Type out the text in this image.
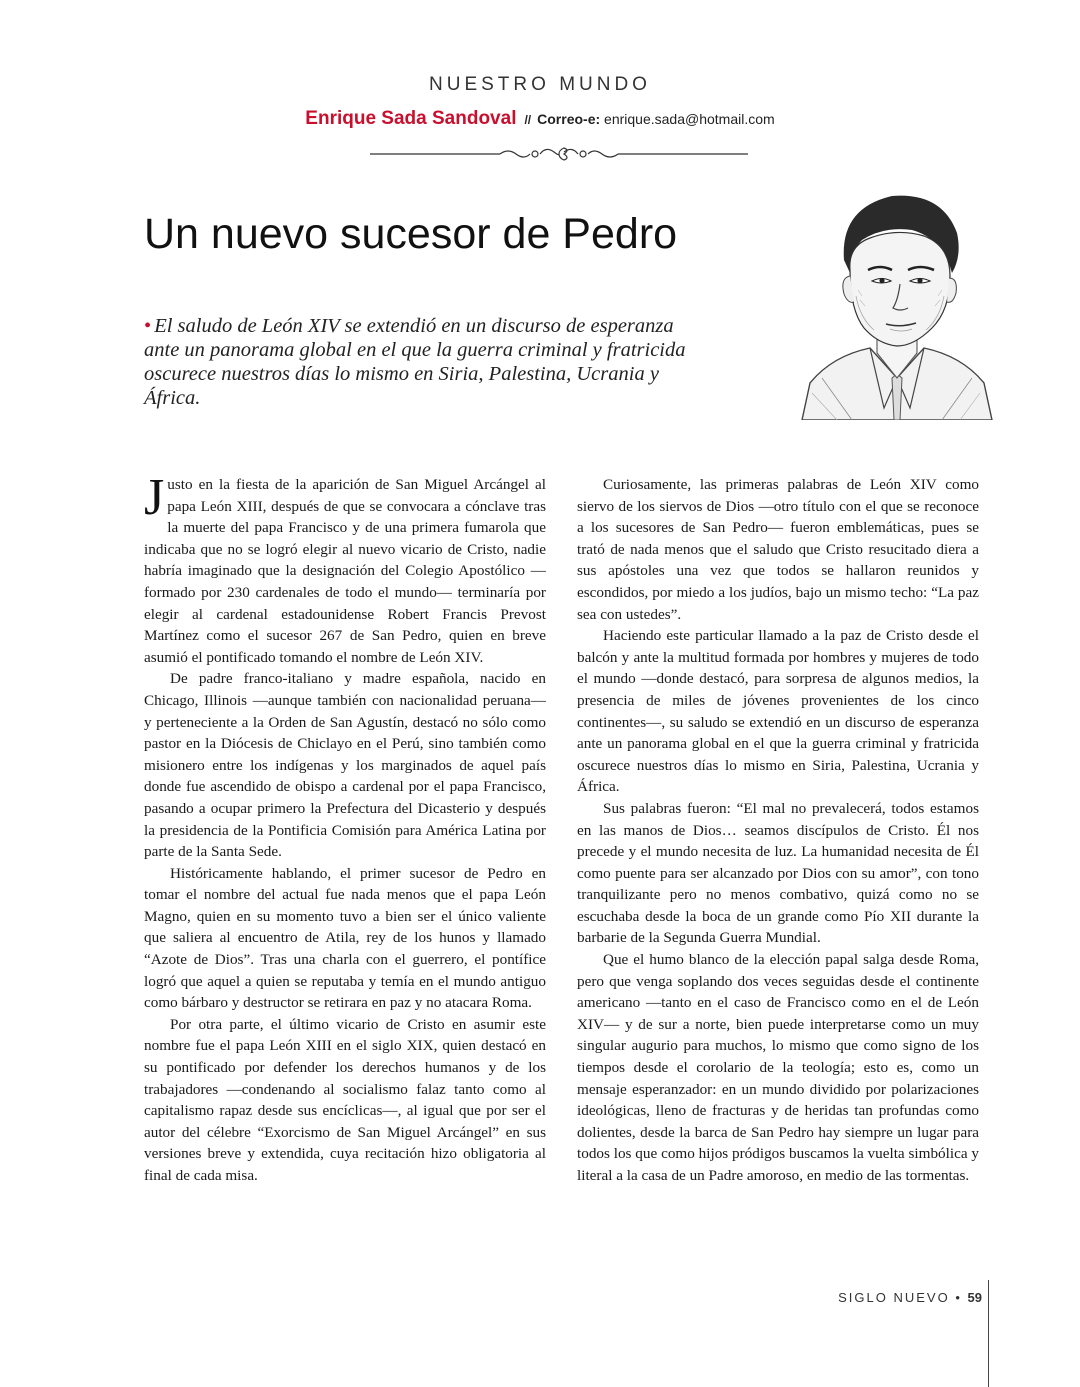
NUESTRO MUNDO
Enrique Sada Sandoval // Correo-e: enrique.sada@hotmail.com
Un nuevo sucesor de Pedro

• El saludo de León XIV se extendió en un discurso de esperanza ante un panorama global en el que la guerra criminal y fratricida oscurece nuestros días lo mismo en Siria, Palestina, Ucrania y África.

Justo en la fiesta de la aparición de San Miguel Arcángel al papa León XIII, después de que se convocara a cónclave tras la muerte del papa Francisco y de una primera fumarola que indicaba que no se logró elegir al nuevo vicario de Cristo, nadie habría imaginado que la designación del Colegio Apostólico —formado por 230 cardenales de todo el mundo— terminaría por elegir al cardenal estadounidense Robert Francis Prevost Martínez como el sucesor 267 de San Pedro, quien en breve asumió el pontificado tomando el nombre de León XIV.

De padre franco-italiano y madre española, nacido en Chicago, Illinois —aunque también con nacionalidad peruana— y perteneciente a la Orden de San Agustín, destacó no sólo como pastor en la Diócesis de Chiclayo en el Perú, sino también como misionero entre los indígenas y los marginados de aquel país donde fue ascendido de obispo a cardenal por el papa Francisco, pasando a ocupar primero la Prefectura del Dicasterio y después la presidencia de la Pontificia Comisión para América Latina por parte de la Santa Sede.

Históricamente hablando, el primer sucesor de Pedro en tomar el nombre del actual fue nada menos que el papa León Magno, quien en su momento tuvo a bien ser el único valiente que saliera al encuentro de Atila, rey de los hunos y llamado “Azote de Dios”. Tras una charla con el guerrero, el pontífice logró que aquel a quien se reputaba y temía en el mundo antiguo como bárbaro y destructor se retirara en paz y no atacara Roma.

Por otra parte, el último vicario de Cristo en asumir este nombre fue el papa León XIII en el siglo XIX, quien destacó en su pontificado por defender los derechos humanos y de los trabajadores —condenando al socialismo falaz tanto como al capitalismo rapaz desde sus encíclicas—, al igual que por ser el autor del célebre “Exorcismo de San Miguel Arcángel” en sus versiones breve y extendida, cuya recitación hizo obligatoria al final de cada misa.

Curiosamente, las primeras palabras de León XIV como siervo de los siervos de Dios —otro título con el que se reconoce a los sucesores de San Pedro— fueron emblemáticas, pues se trató de nada menos que el saludo que Cristo resucitado diera a sus apóstoles una vez que todos se hallaron reunidos y escondidos, por miedo a los judíos, bajo un mismo techo: “La paz sea con ustedes”.

Haciendo este particular llamado a la paz de Cristo desde el balcón y ante la multitud formada por hombres y mujeres de todo el mundo —donde destacó, para sorpresa de algunos medios, la presencia de miles de jóvenes provenientes de los cinco continentes—, su saludo se extendió en un discurso de esperanza ante un panorama global en el que la guerra criminal y fratricida oscurece nuestros días lo mismo en Siria, Palestina, Ucrania y África.

Sus palabras fueron: “El mal no prevalecerá, todos estamos en las manos de Dios… seamos discípulos de Cristo. Él nos precede y el mundo necesita de luz. La humanidad necesita de Él como puente para ser alcanzado por Dios con su amor”, con tono tranquilizante pero no menos combativo, quizá como no se escuchaba desde la boca de un grande como Pío XII durante la barbarie de la Segunda Guerra Mundial.

Que el humo blanco de la elección papal salga desde Roma, pero que venga soplando dos veces seguidas desde el continente americano —tanto en el caso de Francisco como en el de León XIV— y de sur a norte, bien puede interpretarse como un muy singular augurio para muchos, lo mismo que como signo de los tiempos desde el corolario de la teología; esto es, como un mensaje esperanzador: en un mundo dividido por polarizaciones ideológicas, lleno de fracturas y de heridas tan profundas como dolientes, desde la barca de San Pedro hay siempre un lugar para todos los que como hijos pródigos buscamos la vuelta simbólica y literal a la casa de un Padre amoroso, en medio de las tormentas.

SIGLO NUEVO • 59
